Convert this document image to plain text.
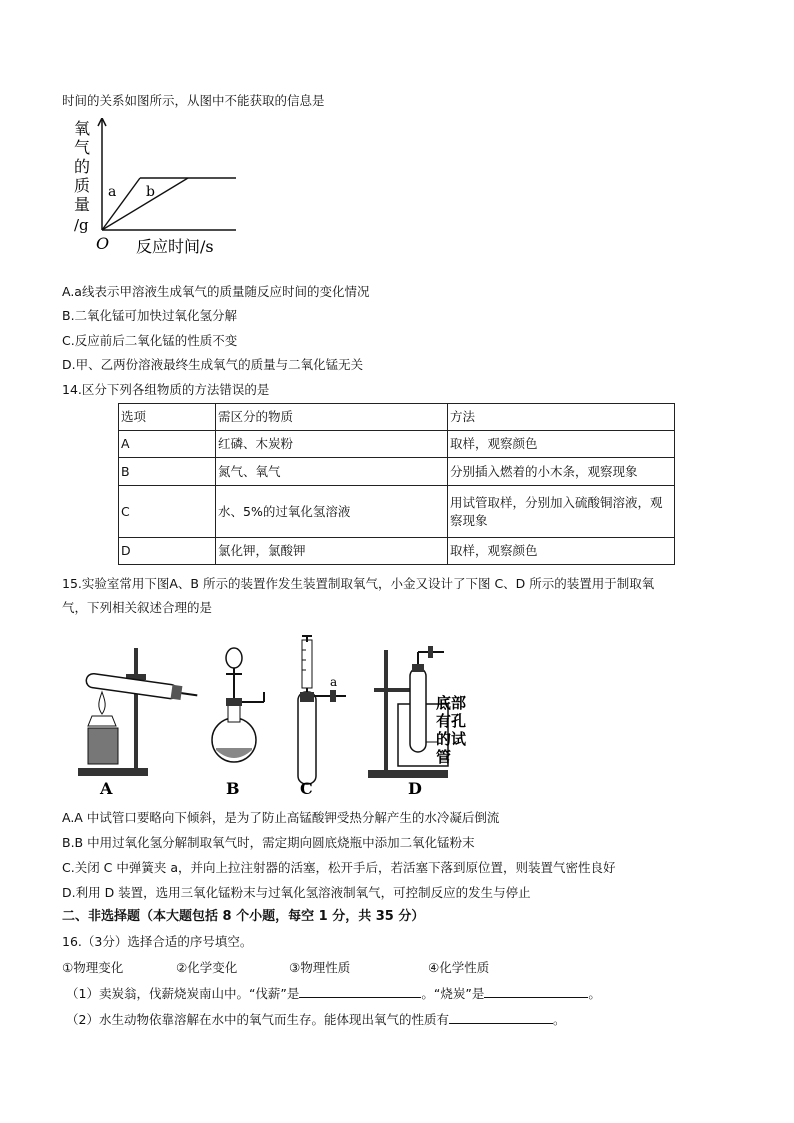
时间的关系如图所示，从图中不能获取的信息是
氧
气
的
质
量
/g
O 反应时间/s
a b
A.a线表示甲溶液生成氧气的质量随反应时间的变化情况
B.二氧化锰可加快过氧化氢分解
C.反应前后二氧化锰的性质不变
D.甲、乙两份溶液最终生成氧气的质量与二氧化锰无关
14.区分下列各组物质的方法错误的是
选项	需区分的物质	方法
A	红磷、木炭粉	取样，观察颜色
B	氮气、氧气	分别插入燃着的小木条，观察现象
C	水、5%的过氧化氢溶液	用试管取样，分别加入硫酸铜溶液，观察现象
D	氯化钾，氯酸钾	取样，观察颜色
15.实验室常用下图A、B 所示的装置作发生装置制取氧气，小金又设计了下图 C、D 所示的装置用于制取氧
气，下列相关叙述合理的是
A	B
a
C
底部
有孔
的试
管
D
A.A 中试管口要略向下倾斜，是为了防止高锰酸钾受热分解产生的水冷凝后倒流
B.B 中用过氧化氢分解制取氧气时，需定期向圆底烧瓶中添加二氧化锰粉末
C.关闭 C 中弹簧夹 a，并向上拉注射器的活塞，松开手后，若活塞下落到原位置，则装置气密性良好
D.利用 D 装置，选用三氧化锰粉末与过氧化氢溶液制氧气，可控制反应的发生与停止
二、非选择题（本大题包括 8 个小题，每空 1 分，共 35 分）
16.（3分）选择合适的序号填空。
①物理变化	②化学变化	③物理性质	④化学性质
（1）卖炭翁，伐薪烧炭南山中。“伐薪”是	。“烧炭”是	。
（2）水生动物依靠溶解在水中的氧气而生存。能体现出氧气的性质有	。
